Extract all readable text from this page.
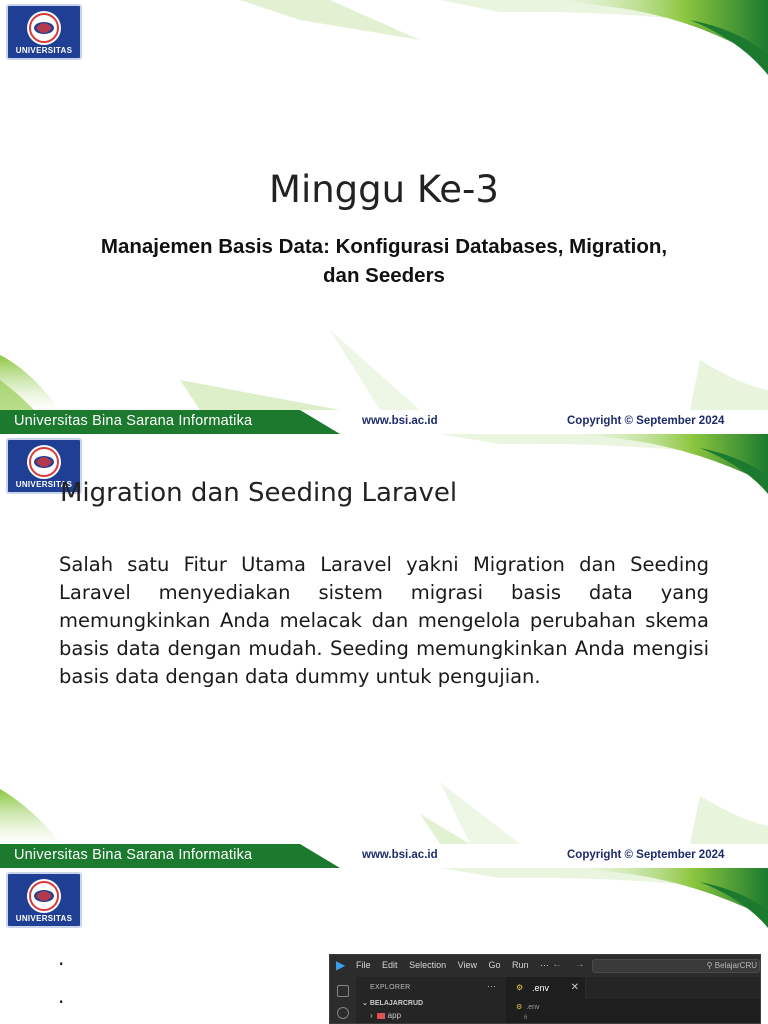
UNIVERSITAS
Minggu Ke-3
Manajemen Basis Data: Konfigurasi Databases, Migration, dan Seeders
Universitas Bina Sarana Informatika	www.bsi.ac.id	Copyright © September 2024
UNIVERSITAS
Migration dan Seeding Laravel

Salah satu Fitur Utama Laravel yakni Migration dan Seeding Laravel menyediakan sistem migrasi basis data yang memungkinkan Anda melacak dan mengelola perubahan skema basis data dengan mudah. Seeding memungkinkan Anda mengisi basis data dengan data dummy untuk pengujian.

Universitas Bina Sarana Informatika	www.bsi.ac.id	Copyright © September 2024
UNIVERSITAS
.
.
▶	File Edit Selection View Go Run ··· ← →	⚲ BelajarCRU
EXPLORER	···
⌄ BELAJARCRUD
› app
⚙ .env ✕
⚙ .env
6
